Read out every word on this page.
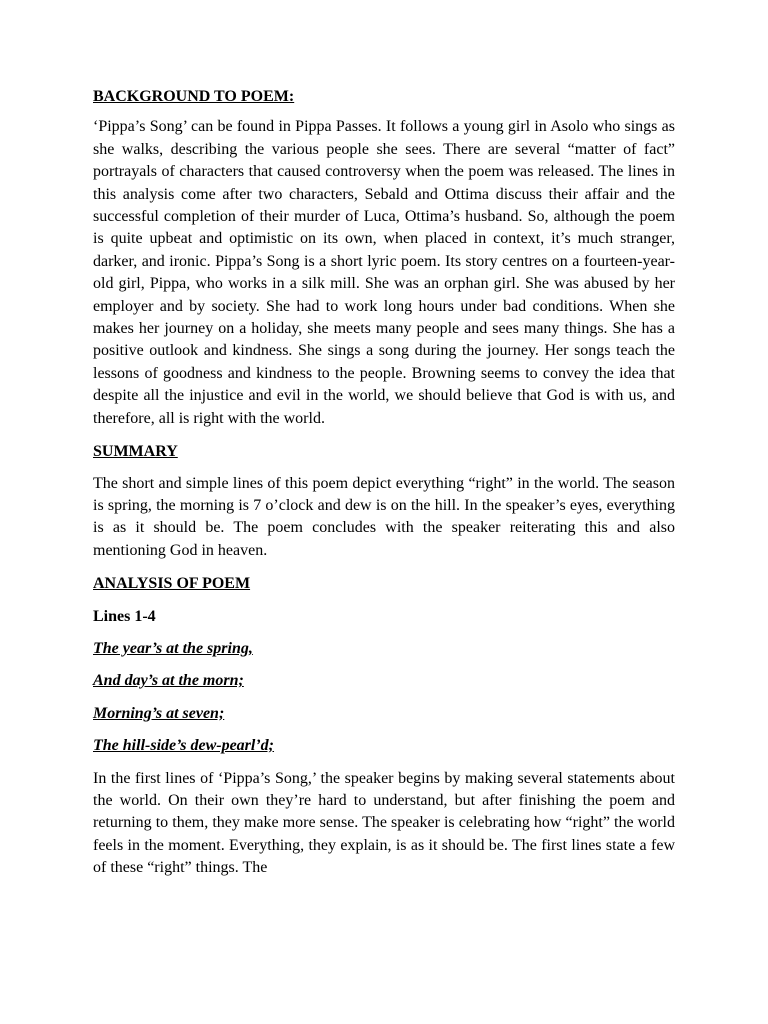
BACKGROUND TO POEM:
‘Pippa’s Song’ can be found in Pippa Passes. It follows a young girl in Asolo who sings as she walks, describing the various people she sees. There are several “matter of fact” portrayals of characters that caused controversy when the poem was released. The lines in this analysis come after two characters, Sebald and Ottima discuss their affair and the successful completion of their murder of Luca, Ottima’s husband. So, although the poem is quite upbeat and optimistic on its own, when placed in context, it’s much stranger, darker, and ironic. Pippa’s Song is a short lyric poem. Its story centres on a fourteen-year-old girl, Pippa, who works in a silk mill. She was an orphan girl. She was abused by her employer and by society. She had to work long hours under bad conditions. When she makes her journey on a holiday, she meets many people and sees many things. She has a positive outlook and kindness. She sings a song during the journey. Her songs teach the lessons of goodness and kindness to the people. Browning seems to convey the idea that despite all the injustice and evil in the world, we should believe that God is with us, and therefore, all is right with the world.
SUMMARY
The short and simple lines of this poem depict everything “right” in the world. The season is spring, the morning is 7 o’clock and dew is on the hill. In the speaker’s eyes, everything is as it should be. The poem concludes with the speaker reiterating this and also mentioning God in heaven.
ANALYSIS OF POEM
Lines 1-4
The year’s at the spring,
And day’s at the morn;
Morning’s at seven;
The hill-side’s dew-pearl’d;
In the first lines of ‘Pippa’s Song,’ the speaker begins by making several statements about the world. On their own they’re hard to understand, but after finishing the poem and returning to them, they make more sense. The speaker is celebrating how “right” the world feels in the moment. Everything, they explain, is as it should be. The first lines state a few of these “right” things. The
